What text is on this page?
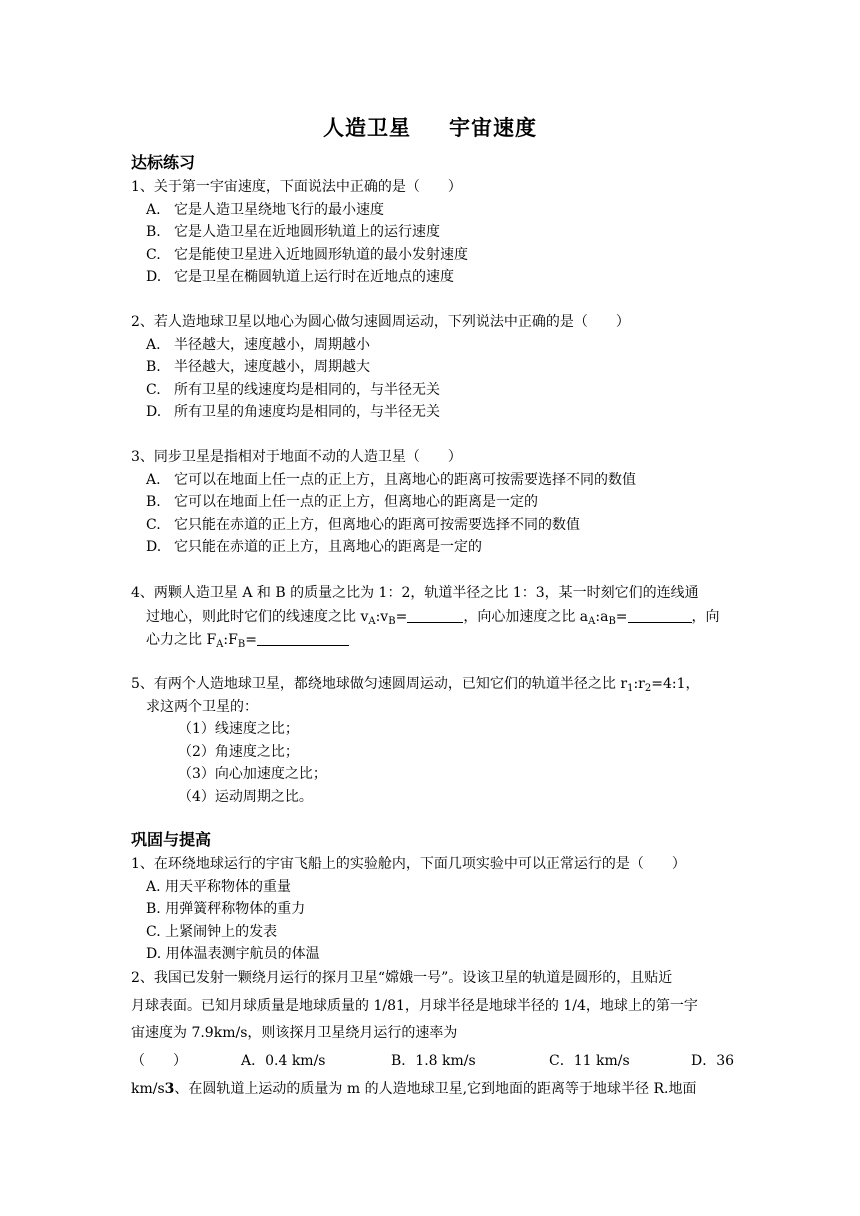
人造卫星 宇宙速度
达标练习
1、关于第一宇宙速度，下面说法中正确的是（　　）
A. 它是人造卫星绕地飞行的最小速度
B. 它是人造卫星在近地圆形轨道上的运行速度
C. 它是能使卫星进入近地圆形轨道的最小发射速度
D. 它是卫星在椭圆轨道上运行时在近地点的速度
2、若人造地球卫星以地心为圆心做匀速圆周运动，下列说法中正确的是（　　）
A. 半径越大，速度越小，周期越小
B. 半径越大，速度越小，周期越大
C. 所有卫星的线速度均是相同的，与半径无关
D. 所有卫星的角速度均是相同的，与半径无关
3、同步卫星是指相对于地面不动的人造卫星（　　）
A. 它可以在地面上任一点的正上方，且离地心的距离可按需要选择不同的数值
B. 它可以在地面上任一点的正上方，但离地心的距离是一定的
C. 它只能在赤道的正上方，但离地心的距离可按需要选择不同的数值
D. 它只能在赤道的正上方，且离地心的距离是一定的
4、两颗人造卫星 A 和 B 的质量之比为 1：2，轨道半径之比 1：3，某一时刻它们的连线通
过地心，则此时它们的线速度之比 $v_A:v_B=$	，向心加速度之比 $a_A:a_B=$	，向
心力之比 $F_A:F_B=$
5、有两个人造地球卫星，都绕地球做匀速圆周运动，已知它们的轨道半径之比 $r_1:r_2=4:1$，
求这两个卫星的：
（1）线速度之比；
（2）角速度之比；
（3）向心加速度之比；
（4）运动周期之比。
巩固与提高
1、在环绕地球运行的宇宙飞船上的实验舱内，下面几项实验中可以正常运行的是（　　）
A. 用天平称物体的重量
B. 用弹簧秤称物体的重力
C. 上紧闹钟上的发表
D. 用体温表测宇航员的体温
2、我国已发射一颗绕月运行的探月卫星“嫦娥一号”。设该卫星的轨道是圆形的，且贴近
月球表面。已知月球质量是地球质量的 1/81，月球半径是地球半径的 1/4，地球上的第一宇
宙速度为 7.9km/s，则该探月卫星绕月运行的速率为
（　　）	A．0.4 km/s	B．1.8 km/s	C．11 km/s	D．36
km/s3、在圆轨道上运动的质量为 m 的人造地球卫星,它到地面的距离等于地球半径 R.地面
